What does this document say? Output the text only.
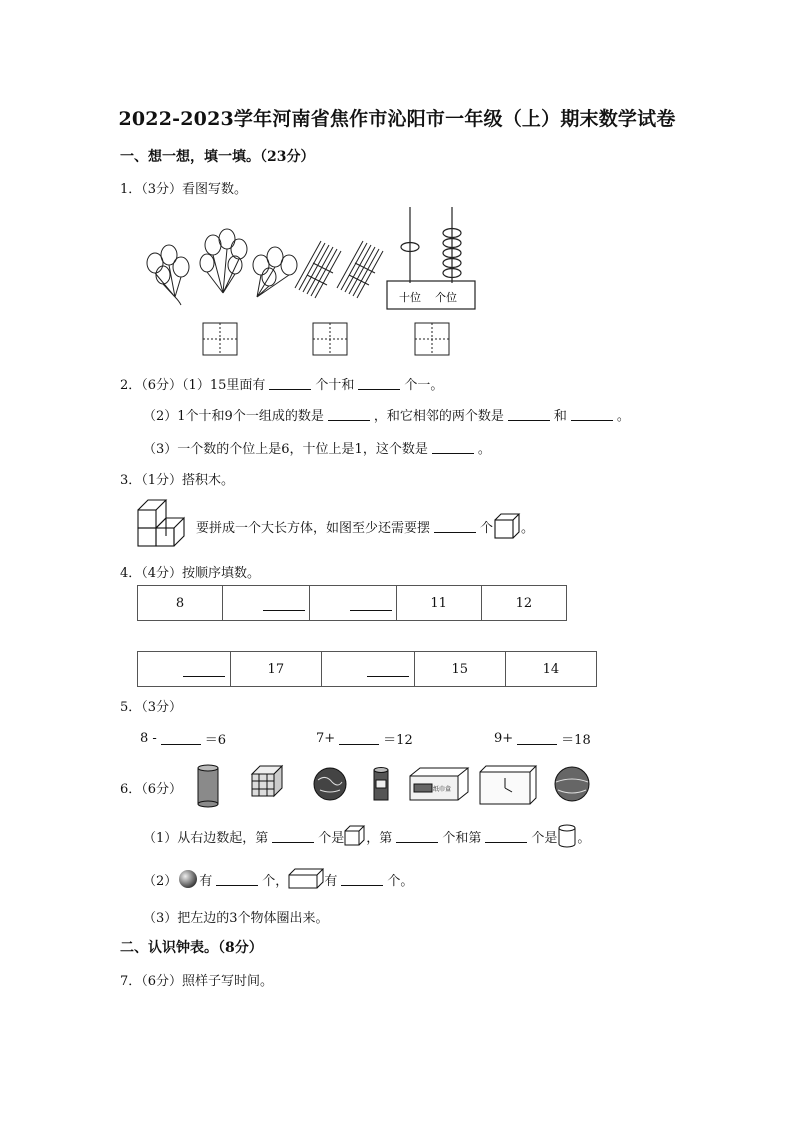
2022-2023学年河南省焦作市沁阳市一年级（上）期末数学试卷
一、想一想，填一填。（23分）
1．（3分）看图写数。
十位 个位
2．（6分）（1）15里面有	个十和	个一。
（2）1个十和9个一组成的数是	，和它相邻的两个数是	和	。
（3）一个数的个位上是6，十位上是1，这个数是	。
3．（1分）搭积木。
要拼成一个大长方体，如图至少还需要摆	个 。
4．（4分）按顺序填数。
8			11	12
	17		15	14
5．（3分）
8 -	＝6	7+	＝12	9+	＝18
6．（6分）	纸巾盒
（1）从右边数起，第	个是 ，第	个和第	个是 。
（2） 有	个，	有	个。
（3）把左边的3个物体圈出来。
二、认识钟表。（8分）
7．（6分）照样子写时间。
